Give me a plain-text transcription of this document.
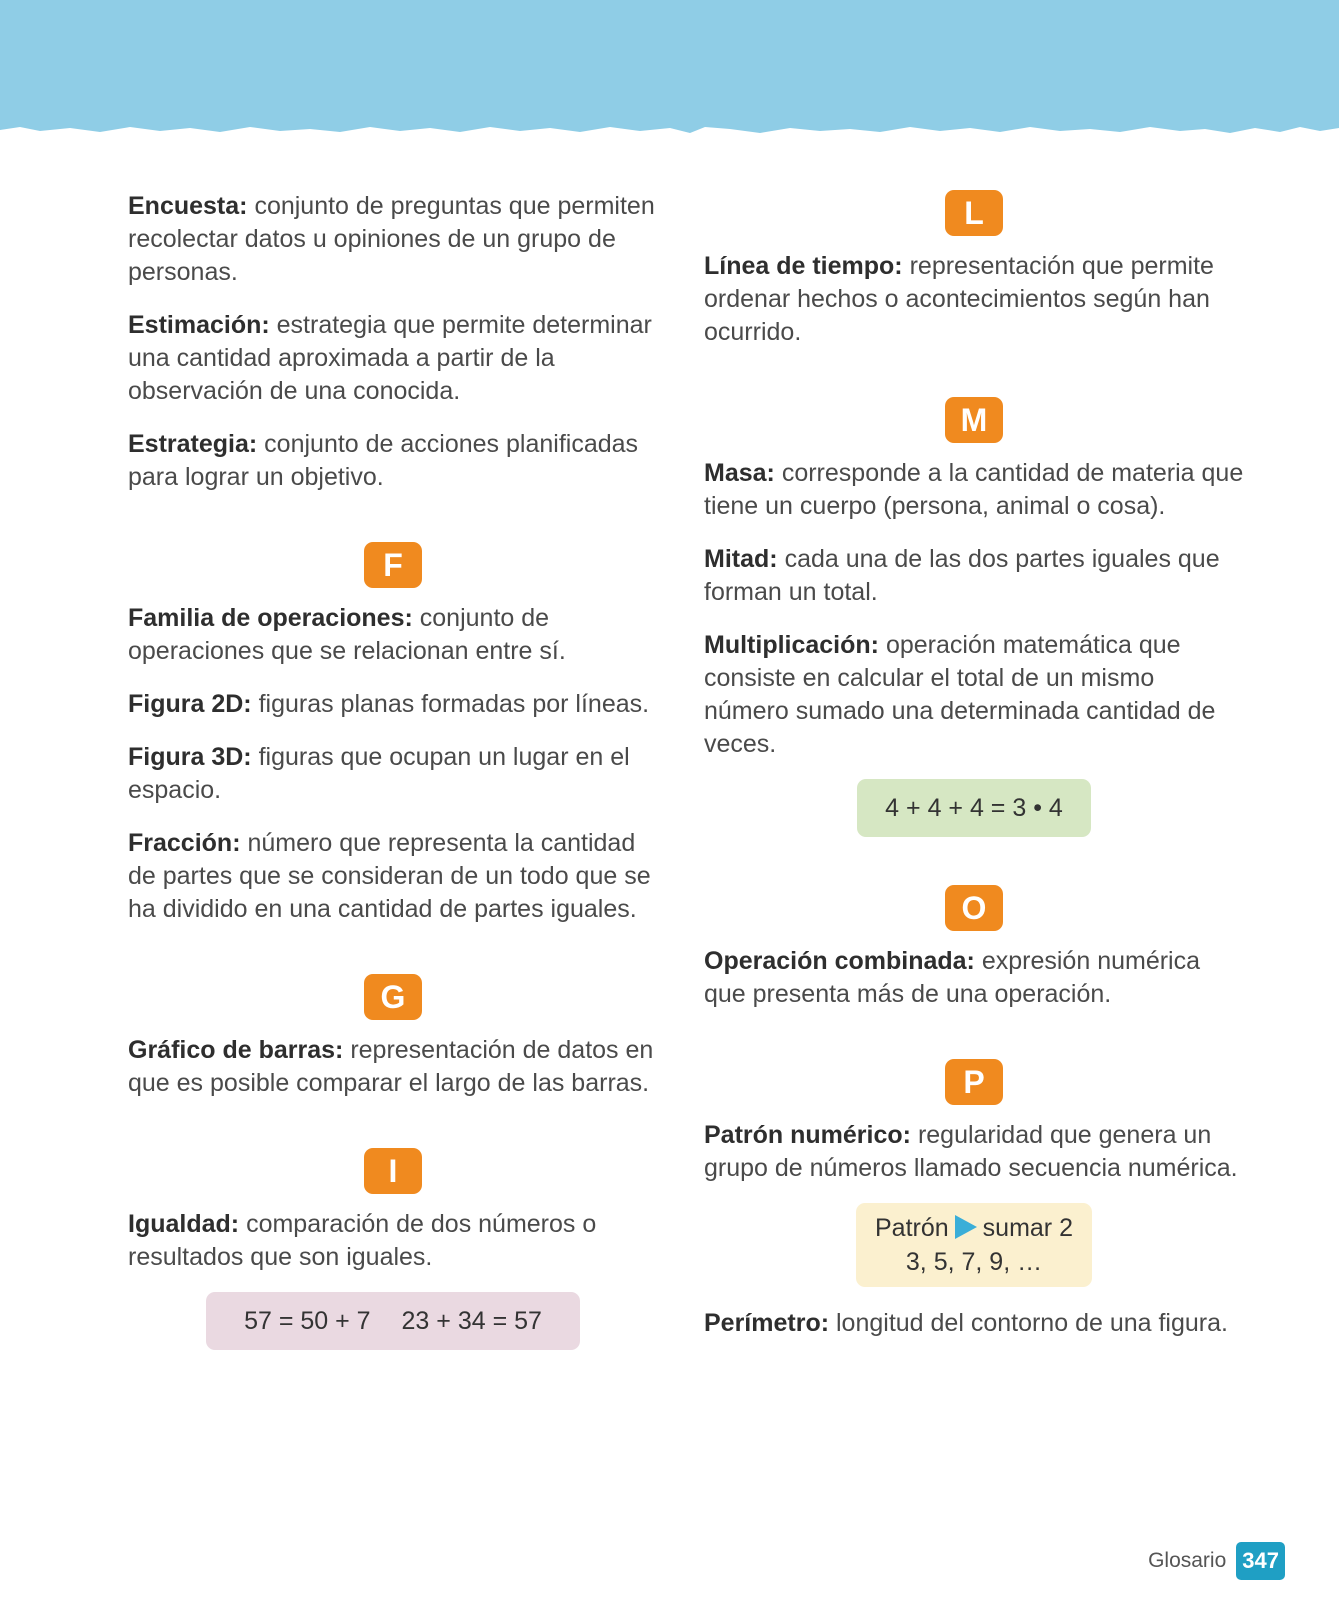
Encuesta: conjunto de preguntas que permiten recolectar datos u opiniones de un grupo de personas.

Estimación: estrategia que permite determinar una cantidad aproximada a partir de la observación de una conocida.

Estrategia: conjunto de acciones planificadas para lograr un objetivo.

F

Familia de operaciones: conjunto de operaciones que se relacionan entre sí.

Figura 2D: figuras planas formadas por líneas.

Figura 3D: figuras que ocupan un lugar en el espacio.

Fracción: número que representa la cantidad de partes que se consideran de un todo que se ha dividido en una cantidad de partes iguales.

G

Gráfico de barras: representación de datos en que es posible comparar el largo de las barras.

I

Igualdad: comparación de dos números o resultados que son iguales.

57 = 50 + 7 23 + 34 = 57
L

Línea de tiempo: representación que permite ordenar hechos o acontecimientos según han ocurrido.

M

Masa: corresponde a la cantidad de materia que tiene un cuerpo (persona, animal o cosa).

Mitad: cada una de las dos partes iguales que forman un total.

Multiplicación: operación matemática que consiste en calcular el total de un mismo número sumado una determinada cantidad de veces.

4 + 4 + 4 = 3 • 4
O

Operación combinada: expresión numérica que presenta más de una operación.

P

Patrón numérico: regularidad que genera un grupo de números llamado secuencia numérica.

Patrón sumar 2
3, 5, 7, 9, …

Perímetro: longitud del contorno de una figura.

Glosario 347
